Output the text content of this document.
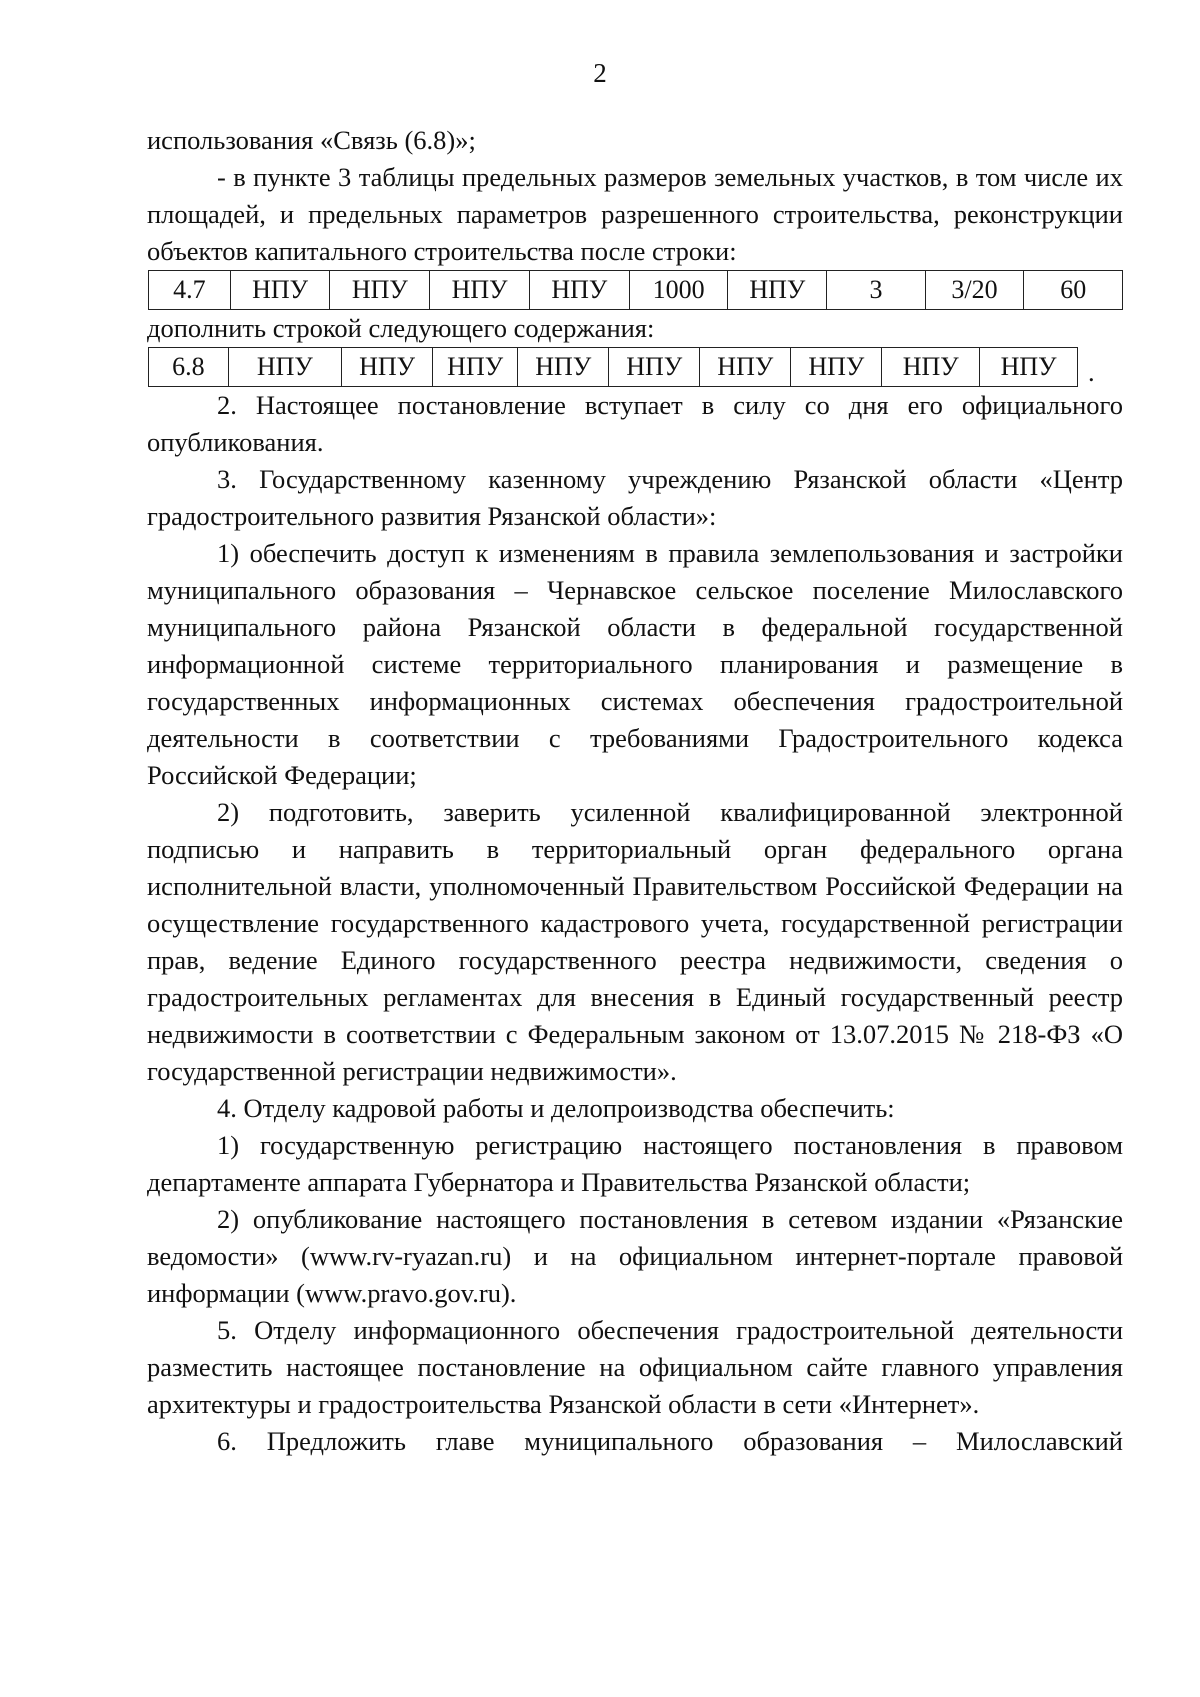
2

использования «Связь (6.8)»;

- в пункте 3 таблицы предельных размеров земельных участков, в том числе их площадей, и предельных параметров разрешенного строительства, реконструкции объектов капитального строительства после строки:

4.7	НПУ	НПУ	НПУ	НПУ	1000	НПУ	3	3/20	60

дополнить строкой следующего содержания:

6.8	НПУ	НПУ	НПУ	НПУ	НПУ	НПУ	НПУ	НПУ	НПУ .

2. Настоящее постановление вступает в силу со дня его официального опубликования.

3. Государственному казенному учреждению Рязанской области «Центр градостроительного развития Рязанской области»:

1) обеспечить доступ к изменениям в правила землепользования и застройки муниципального образования – Чернавское сельское поселение Милославского муниципального района Рязанской области в федеральной государственной информационной системе территориального планирования и размещение в государственных информационных системах обеспечения градостроительной деятельности в соответствии с требованиями Градостроительного кодекса Российской Федерации;

2) подготовить, заверить усиленной квалифицированной электронной подписью и направить в территориальный орган федерального органа исполнительной власти, уполномоченный Правительством Российской Федерации на осуществление государственного кадастрового учета, государственной регистрации прав, ведение Единого государственного реестра недвижимости, сведения о градостроительных регламентах для внесения в Единый государственный реестр недвижимости в соответствии с Федеральным законом от 13.07.2015 № 218-ФЗ «О государственной регистрации недвижимости».

4. Отделу кадровой работы и делопроизводства обеспечить:

1) государственную регистрацию настоящего постановления в правовом департаменте аппарата Губернатора и Правительства Рязанской области;

2) опубликование настоящего постановления в сетевом издании «Рязанские ведомости» (www.rv-ryazan.ru) и на официальном интернет-портале правовой информации (www.pravo.gov.ru).

5. Отделу информационного обеспечения градостроительной деятельности разместить настоящее постановление на официальном сайте главного управления архитектуры и градостроительства Рязанской области в сети «Интернет».

6. Предложить главе муниципального образования – Милославский
